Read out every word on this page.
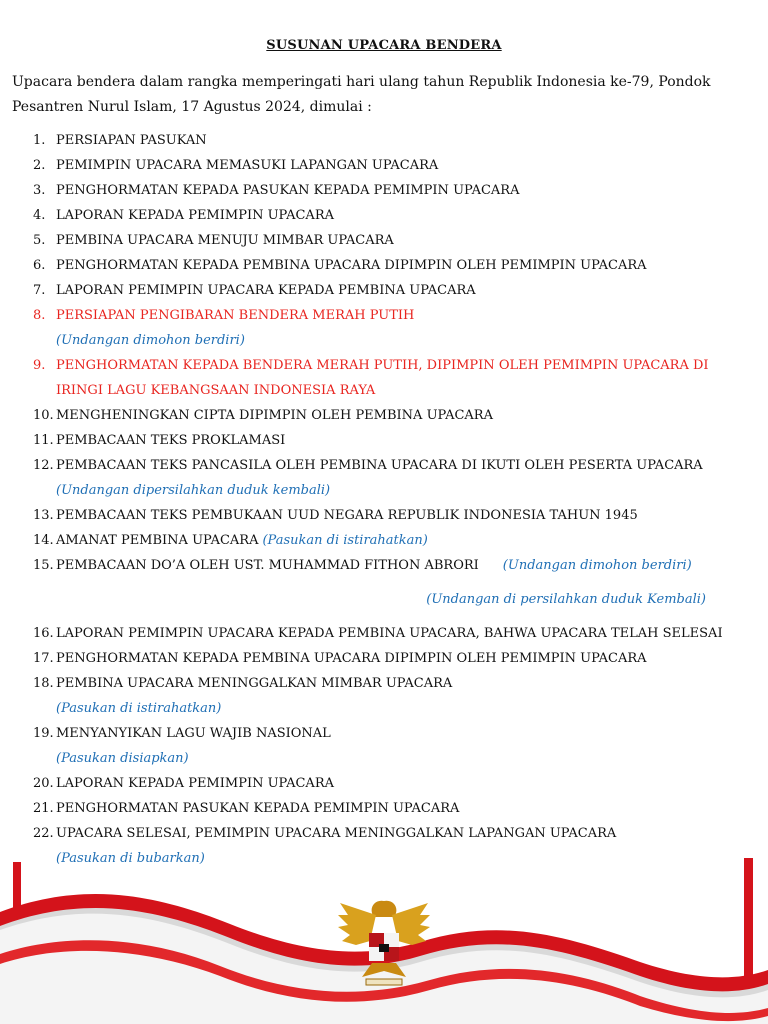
SUSUNAN UPACARA BENDERA
Upacara bendera dalam rangka memperingati hari ulang tahun Republik Indonesia ke-79, Pondok Pesantren Nurul Islam, 17 Agustus 2024, dimulai :
1. PERSIAPAN PASUKAN
2. PEMIMPIN UPACARA MEMASUKI LAPANGAN UPACARA
3. PENGHORMATAN KEPADA PASUKAN KEPADA PEMIMPIN UPACARA
4. LAPORAN KEPADA PEMIMPIN UPACARA
5. PEMBINA UPACARA MENUJU MIMBAR UPACARA
6. PENGHORMATAN KEPADA PEMBINA UPACARA DIPIMPIN OLEH PEMIMPIN UPACARA
7. LAPORAN PEMIMPIN UPACARA KEPADA PEMBINA UPACARA
8. PERSIAPAN PENGIBARAN BENDERA MERAH PUTIH
(Undangan dimohon berdiri)
9. PENGHORMATAN KEPADA BENDERA MERAH PUTIH, DIPIMPIN OLEH PEMIMPIN UPACARA DI IRINGI LAGU KEBANGSAAN INDONESIA RAYA
10. MENGHENINGKAN CIPTA DIPIMPIN OLEH PEMBINA UPACARA
11. PEMBACAAN TEKS PROKLAMASI
12. PEMBACAAN TEKS PANCASILA OLEH PEMBINA UPACARA DI IKUTI OLEH PESERTA UPACARA
(Undangan dipersilahkan duduk kembali)
13. PEMBACAAN TEKS PEMBUKAAN UUD NEGARA REPUBLIK INDONESIA TAHUN 1945
14. AMANAT PEMBINA UPACARA (Pasukan di istirahatkan)
15. PEMBACAAN DO’A OLEH UST. MUHAMMAD FITHON ABRORI (Undangan dimohon berdiri)
(Undangan di persilahkan duduk Kembali)
16. LAPORAN PEMIMPIN UPACARA KEPADA PEMBINA UPACARA, BAHWA UPACARA TELAH SELESAI
17. PENGHORMATAN KEPADA PEMBINA UPACARA DIPIMPIN OLEH PEMIMPIN UPACARA
18. PEMBINA UPACARA MENINGGALKAN MIMBAR UPACARA
(Pasukan di istirahatkan)
19. MENYANYIKAN LAGU WAJIB NASIONAL
(Pasukan disiapkan)
20. LAPORAN KEPADA PEMIMPIN UPACARA
21. PENGHORMATAN PASUKAN KEPADA PEMIMPIN UPACARA
22. UPACARA SELESAI, PEMIMPIN UPACARA MENINGGALKAN LAPANGAN UPACARA
(Pasukan di bubarkan)
